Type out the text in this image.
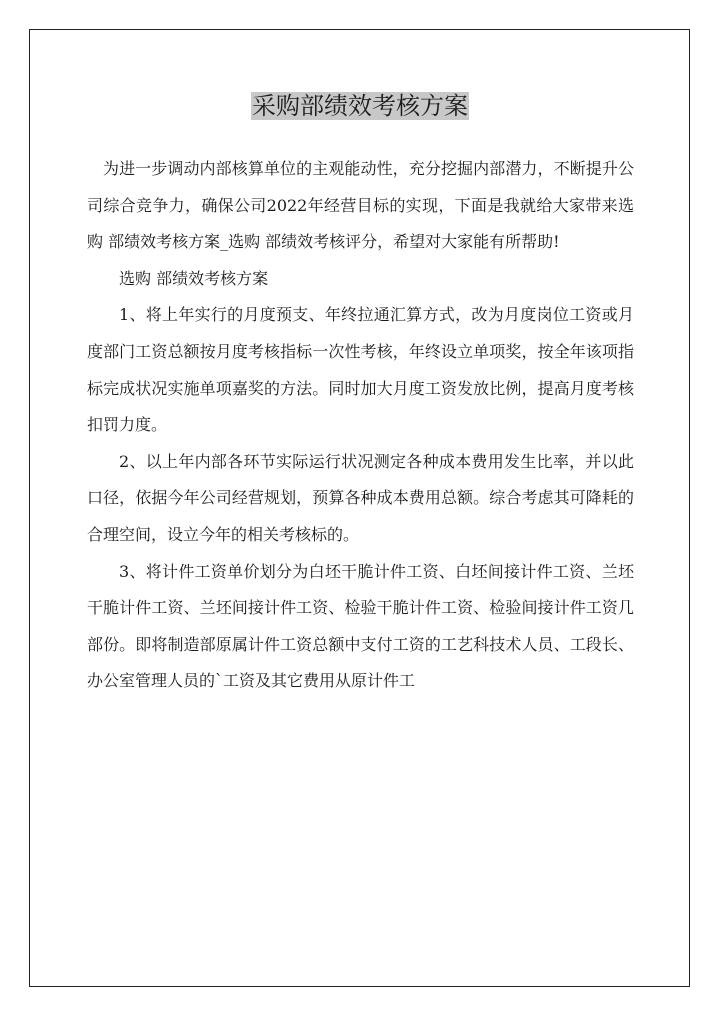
采购部绩效考核方案

为进一步调动内部核算单位的主观能动性，充分挖掘内部潜力，不断提升公司综合竞争力，确保公司2022年经营目标的实现，下面是我就给大家带来选购 部绩效考核方案_选购 部绩效考核评分，希望对大家能有所帮助!

选购 部绩效考核方案

1、将上年实行的月度预支、年终拉通汇算方式，改为月度岗位工资或月度部门工资总额按月度考核指标一次性考核，年终设立单项奖，按全年该项指标完成状况实施单项嘉奖的方法。同时加大月度工资发放比例，提高月度考核扣罚力度。

2、以上年内部各环节实际运行状况测定各种成本费用发生比率，并以此口径，依据今年公司经营规划，预算各种成本费用总额。综合考虑其可降耗的合理空间，设立今年的相关考核标的。

3、将计件工资单价划分为白坯干脆计件工资、白坯间接计件工资、兰坯干脆计件工资、兰坯间接计件工资、检验干脆计件工资、检验间接计件工资几部份。即将制造部原属计件工资总额中支付工资的工艺科技术人员、工段长、办公室管理人员的`工资及其它费用从原计件工
